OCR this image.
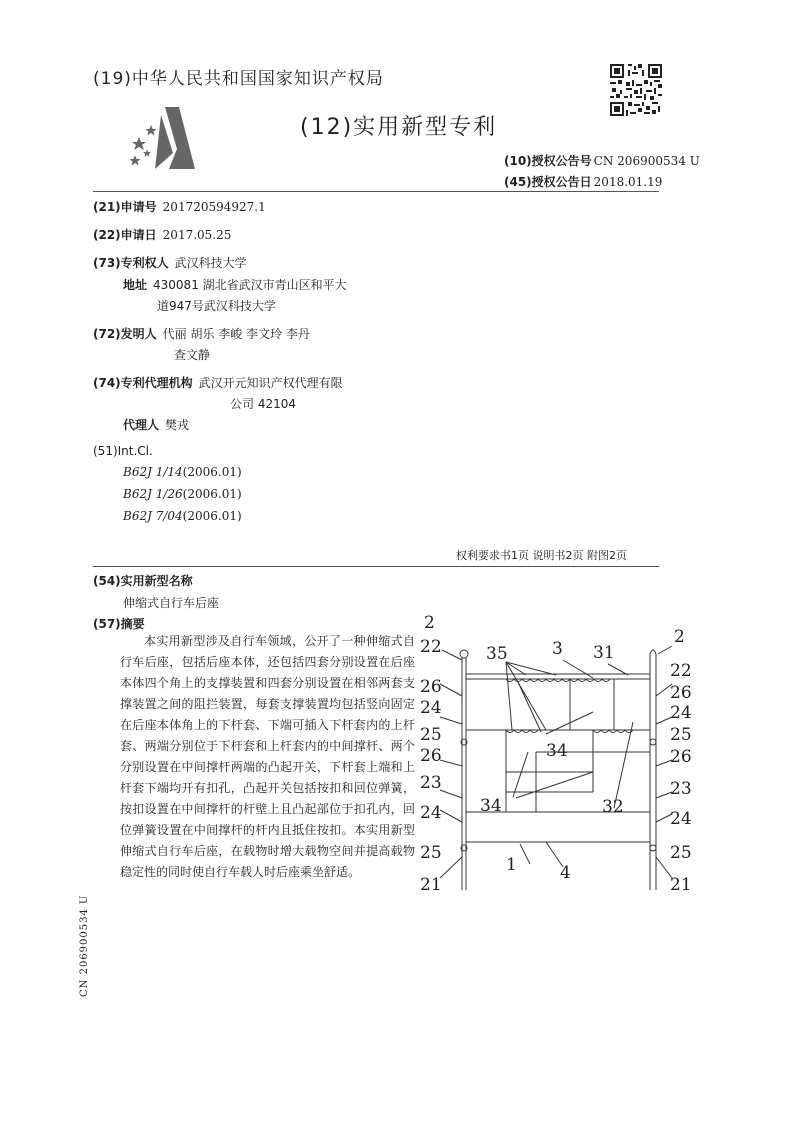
(19)中华人民共和国国家知识产权局
(12)实用新型专利
(10)授权公告号 CN 206900534 U
(45)授权公告日 2018.01.19
(21)申请号 201720594927.1
(22)申请日 2017.05.25
(73)专利权人 武汉科技大学
地址 430081 湖北省武汉市青山区和平大
道947号武汉科技大学
(72)发明人 代丽 胡乐 李峻 李文玲 李丹
查文静
(74)专利代理机构 武汉开元知识产权代理有限
公司 42104
代理人 樊戎
(51)Int.Cl.
B62J 1/14(2006.01)
B62J 1/26(2006.01)
B62J 7/04(2006.01)
权利要求书1页 说明书2页 附图2页
(54)实用新型名称
伸缩式自行车后座
(57)摘要
本实用新型涉及自行车领域，公开了一种伸缩式自行车后座，包括后座本体，还包括四套分别设置在后座本体四个角上的支撑装置和四套分别设置在相邻两套支撑装置之间的阻拦装置，每套支撑装置均包括竖向固定在后座本体角上的下杆套、下端可插入下杆套内的上杆套、两端分别位于下杆套和上杆套内的中间撑杆、两个分别设置在中间撑杆两端的凸起开关，下杆套上端和上杆套下端均开有扣孔，凸起开关包括按扣和回位弹簧，按扣设置在中间撑杆的杆壁上且凸起部位于扣孔内，回位弹簧设置在中间撑杆的杆内且抵住按扣。本实用新型伸缩式自行车后座，在载物时增大载物空间并提高载物稳定性的同时使自行车载人时后座乘坐舒适。
CN 206900534 U
2
2
22
22
35	3 31
26	26
24	24
25	25
26	26
34
23	23
34	32
24	24
25	25
1	4
21	21
